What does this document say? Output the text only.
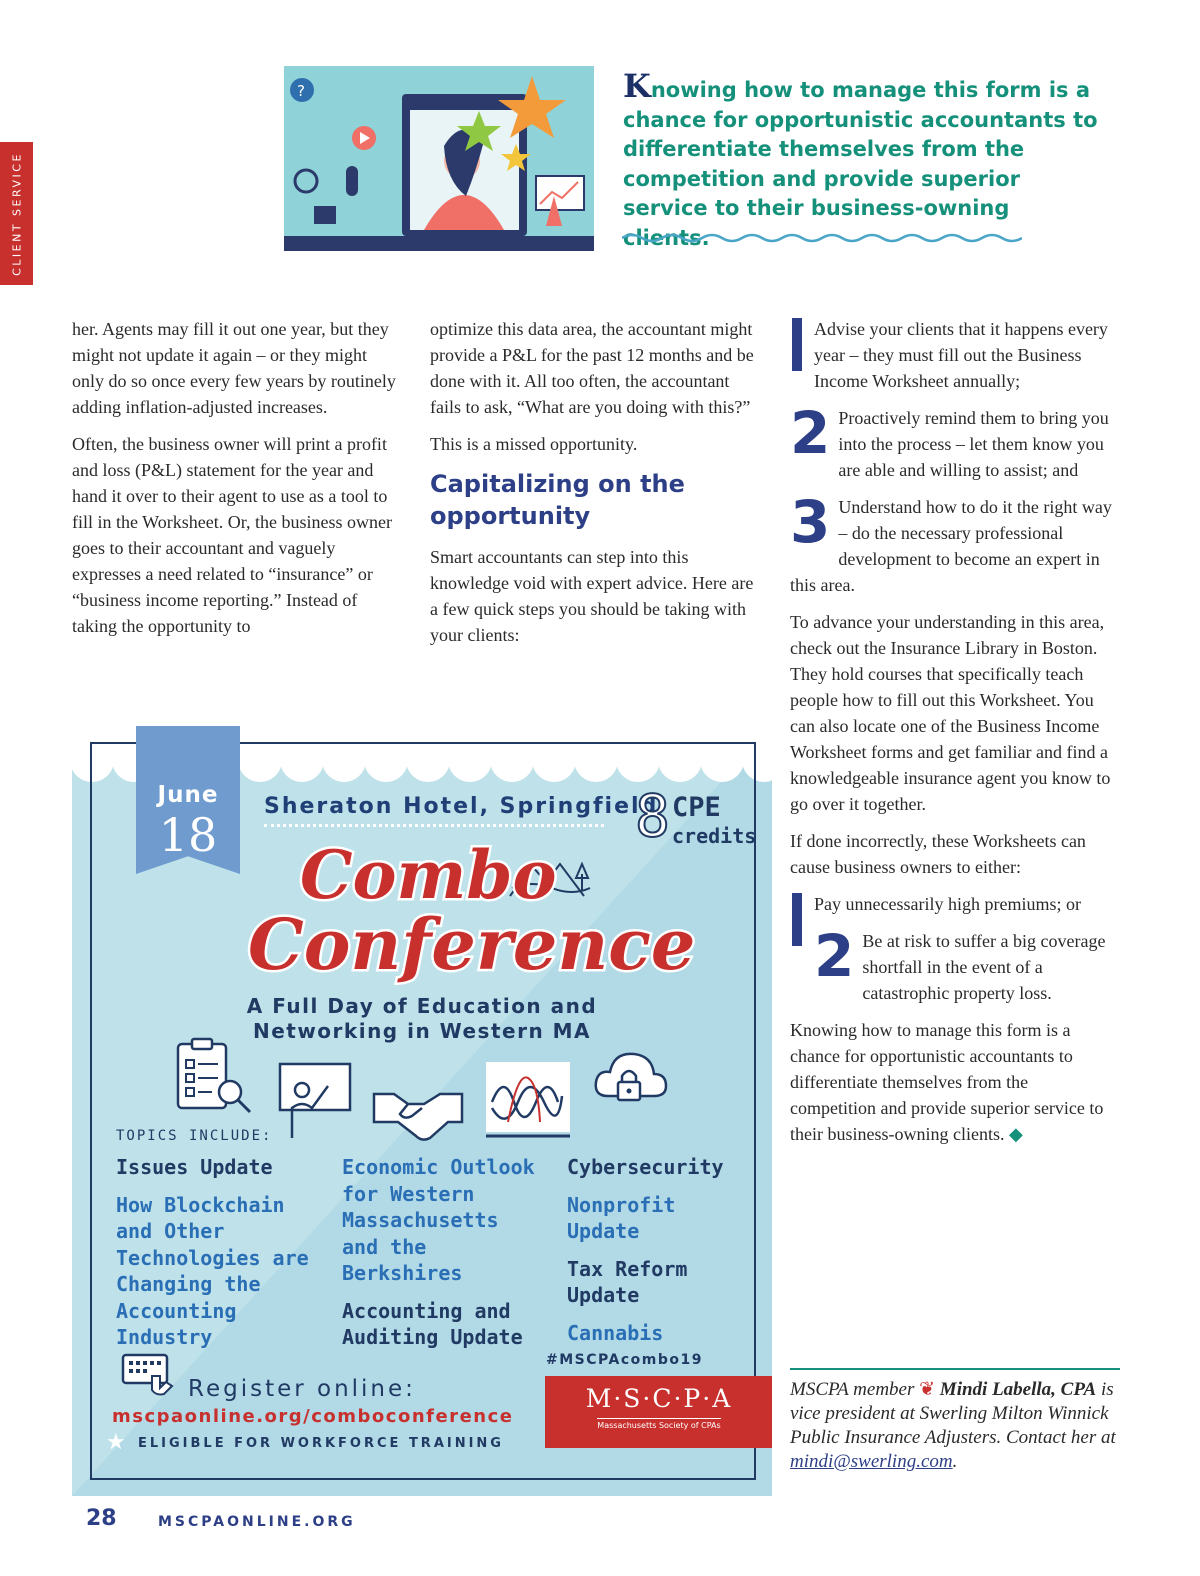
CLIENT SERVICE
?	Knowing how to manage this form is a chance for opportunistic accountants to differentiate themselves from the competition and provide superior service to their business-owning clients.

her. Agents may fill it out one year, but they might not update it again – or they might only do so once every few years by routinely adding inflation-adjusted increases.

Often, the business owner will print a profit and loss (P&L) statement for the year and hand it over to their agent to use as a tool to fill in the Worksheet. Or, the business owner goes to their accountant and vaguely expresses a need related to “insurance” or “business income reporting.” Instead of taking the opportunity to

optimize this data area, the accountant might provide a P&L for the past 12 months and be done with it. All too often, the accountant fails to ask, “What are you doing with this?”

This is a missed opportunity.

Capitalizing on the opportunity

Smart accountants can step into this knowledge void with expert advice. Here are a few quick steps you should be taking with your clients:

Advise your clients that it happens every year – they must fill out the Business Income Worksheet annually;
2 Proactively remind them to bring you into the process – let them know you are able and willing to assist; and
3 Understand how to do it the right way – do the necessary professional development to become an expert in this area.

To advance your understanding in this area, check out the Insurance Library in Boston. They hold courses that specifically teach people how to fill out this Worksheet. You can also locate one of the Business Income Worksheet forms and get familiar and find a knowledgeable insurance agent you know to go over it together.

If done incorrectly, these Worksheets can cause business owners to either:

Pay unnecessarily high premiums; or
2 Be at risk to suffer a big coverage shortfall in the event of a catastrophic property loss.

Knowing how to manage this form is a chance for opportunistic accountants to differentiate themselves from the competition and provide superior service to their business-owning clients. ◆

MSCPA member ❦ Mindi Labella, CPA is vice president at Swerling Milton Winnick Public Insurance Adjusters. Contact her at mindi@swerling.com.
June
18
Sheraton Hotel, Springfield
8 CPE
credits
Combo
Conference
A Full Day of Education and
Networking in Western MA
TOPICS INCLUDE:
Issues Update
How Blockchain and Other Technologies are Changing the Accounting Industry
Economic Outlook for Western Massachusetts and the Berkshires
Accounting and Auditing Update
Cybersecurity
Nonprofit Update
Tax Reform Update
Cannabis
#MSCPAcombo19
Register online:
mscpaonline.org/comboconference
★ ELIGIBLE FOR WORKFORCE TRAINING
M·S·C·P·A
Massachusetts Society of CPAs
28	MSCPAONLINE.ORG
